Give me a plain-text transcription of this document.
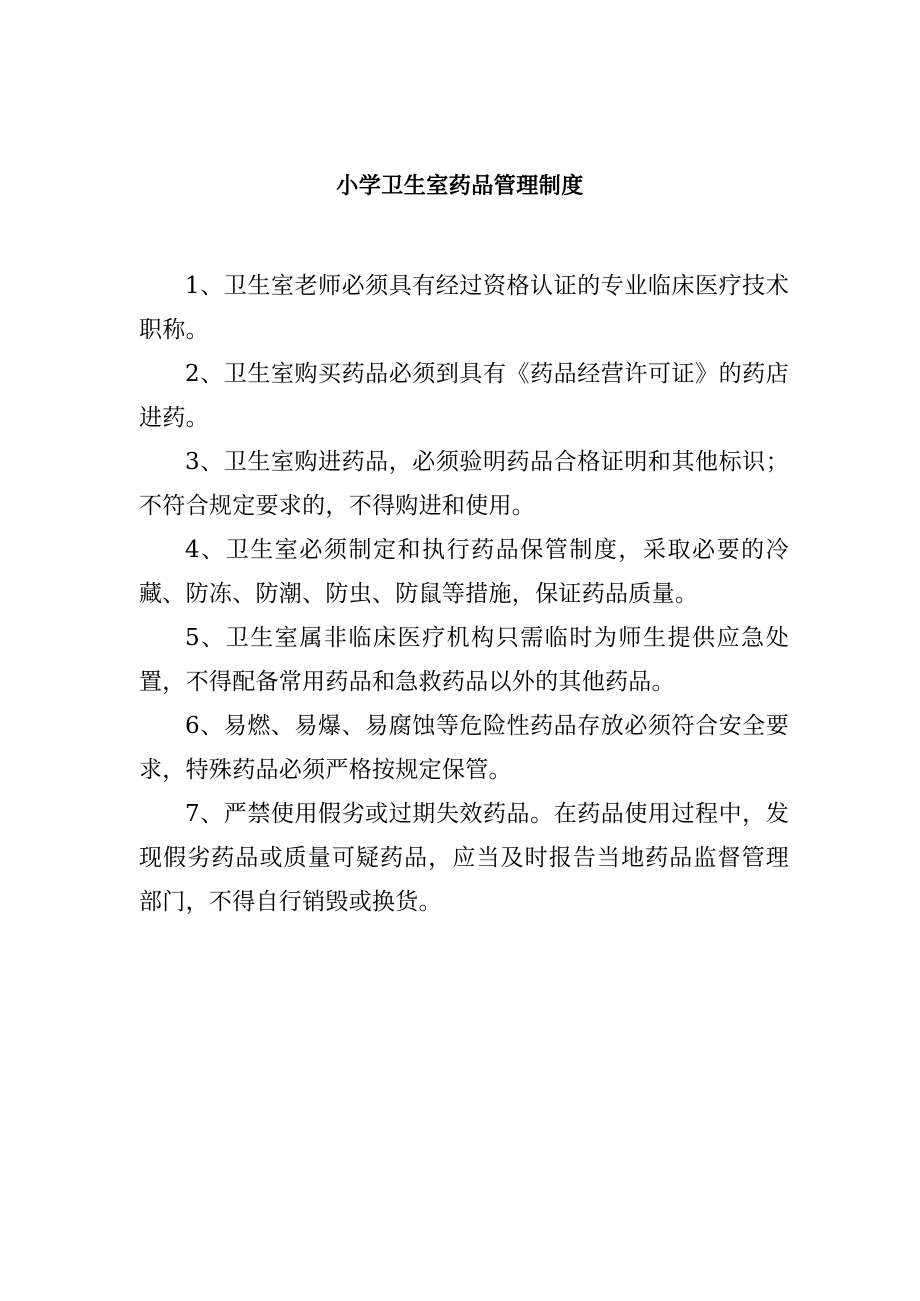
小学卫生室药品管理制度

1、卫生室老师必须具有经过资格认证的专业临床医疗技术职称。

2、卫生室购买药品必须到具有《药品经营许可证》的药店进药。

3、卫生室购进药品，必须验明药品合格证明和其他标识；不符合规定要求的，不得购进和使用。

4、卫生室必须制定和执行药品保管制度，采取必要的冷藏、防冻、防潮、防虫、防鼠等措施，保证药品质量。

5、卫生室属非临床医疗机构只需临时为师生提供应急处置，不得配备常用药品和急救药品以外的其他药品。

6、易燃、易爆、易腐蚀等危险性药品存放必须符合安全要求，特殊药品必须严格按规定保管。

7、严禁使用假劣或过期失效药品。在药品使用过程中，发现假劣药品或质量可疑药品，应当及时报告当地药品监督管理部门，不得自行销毁或换货。
